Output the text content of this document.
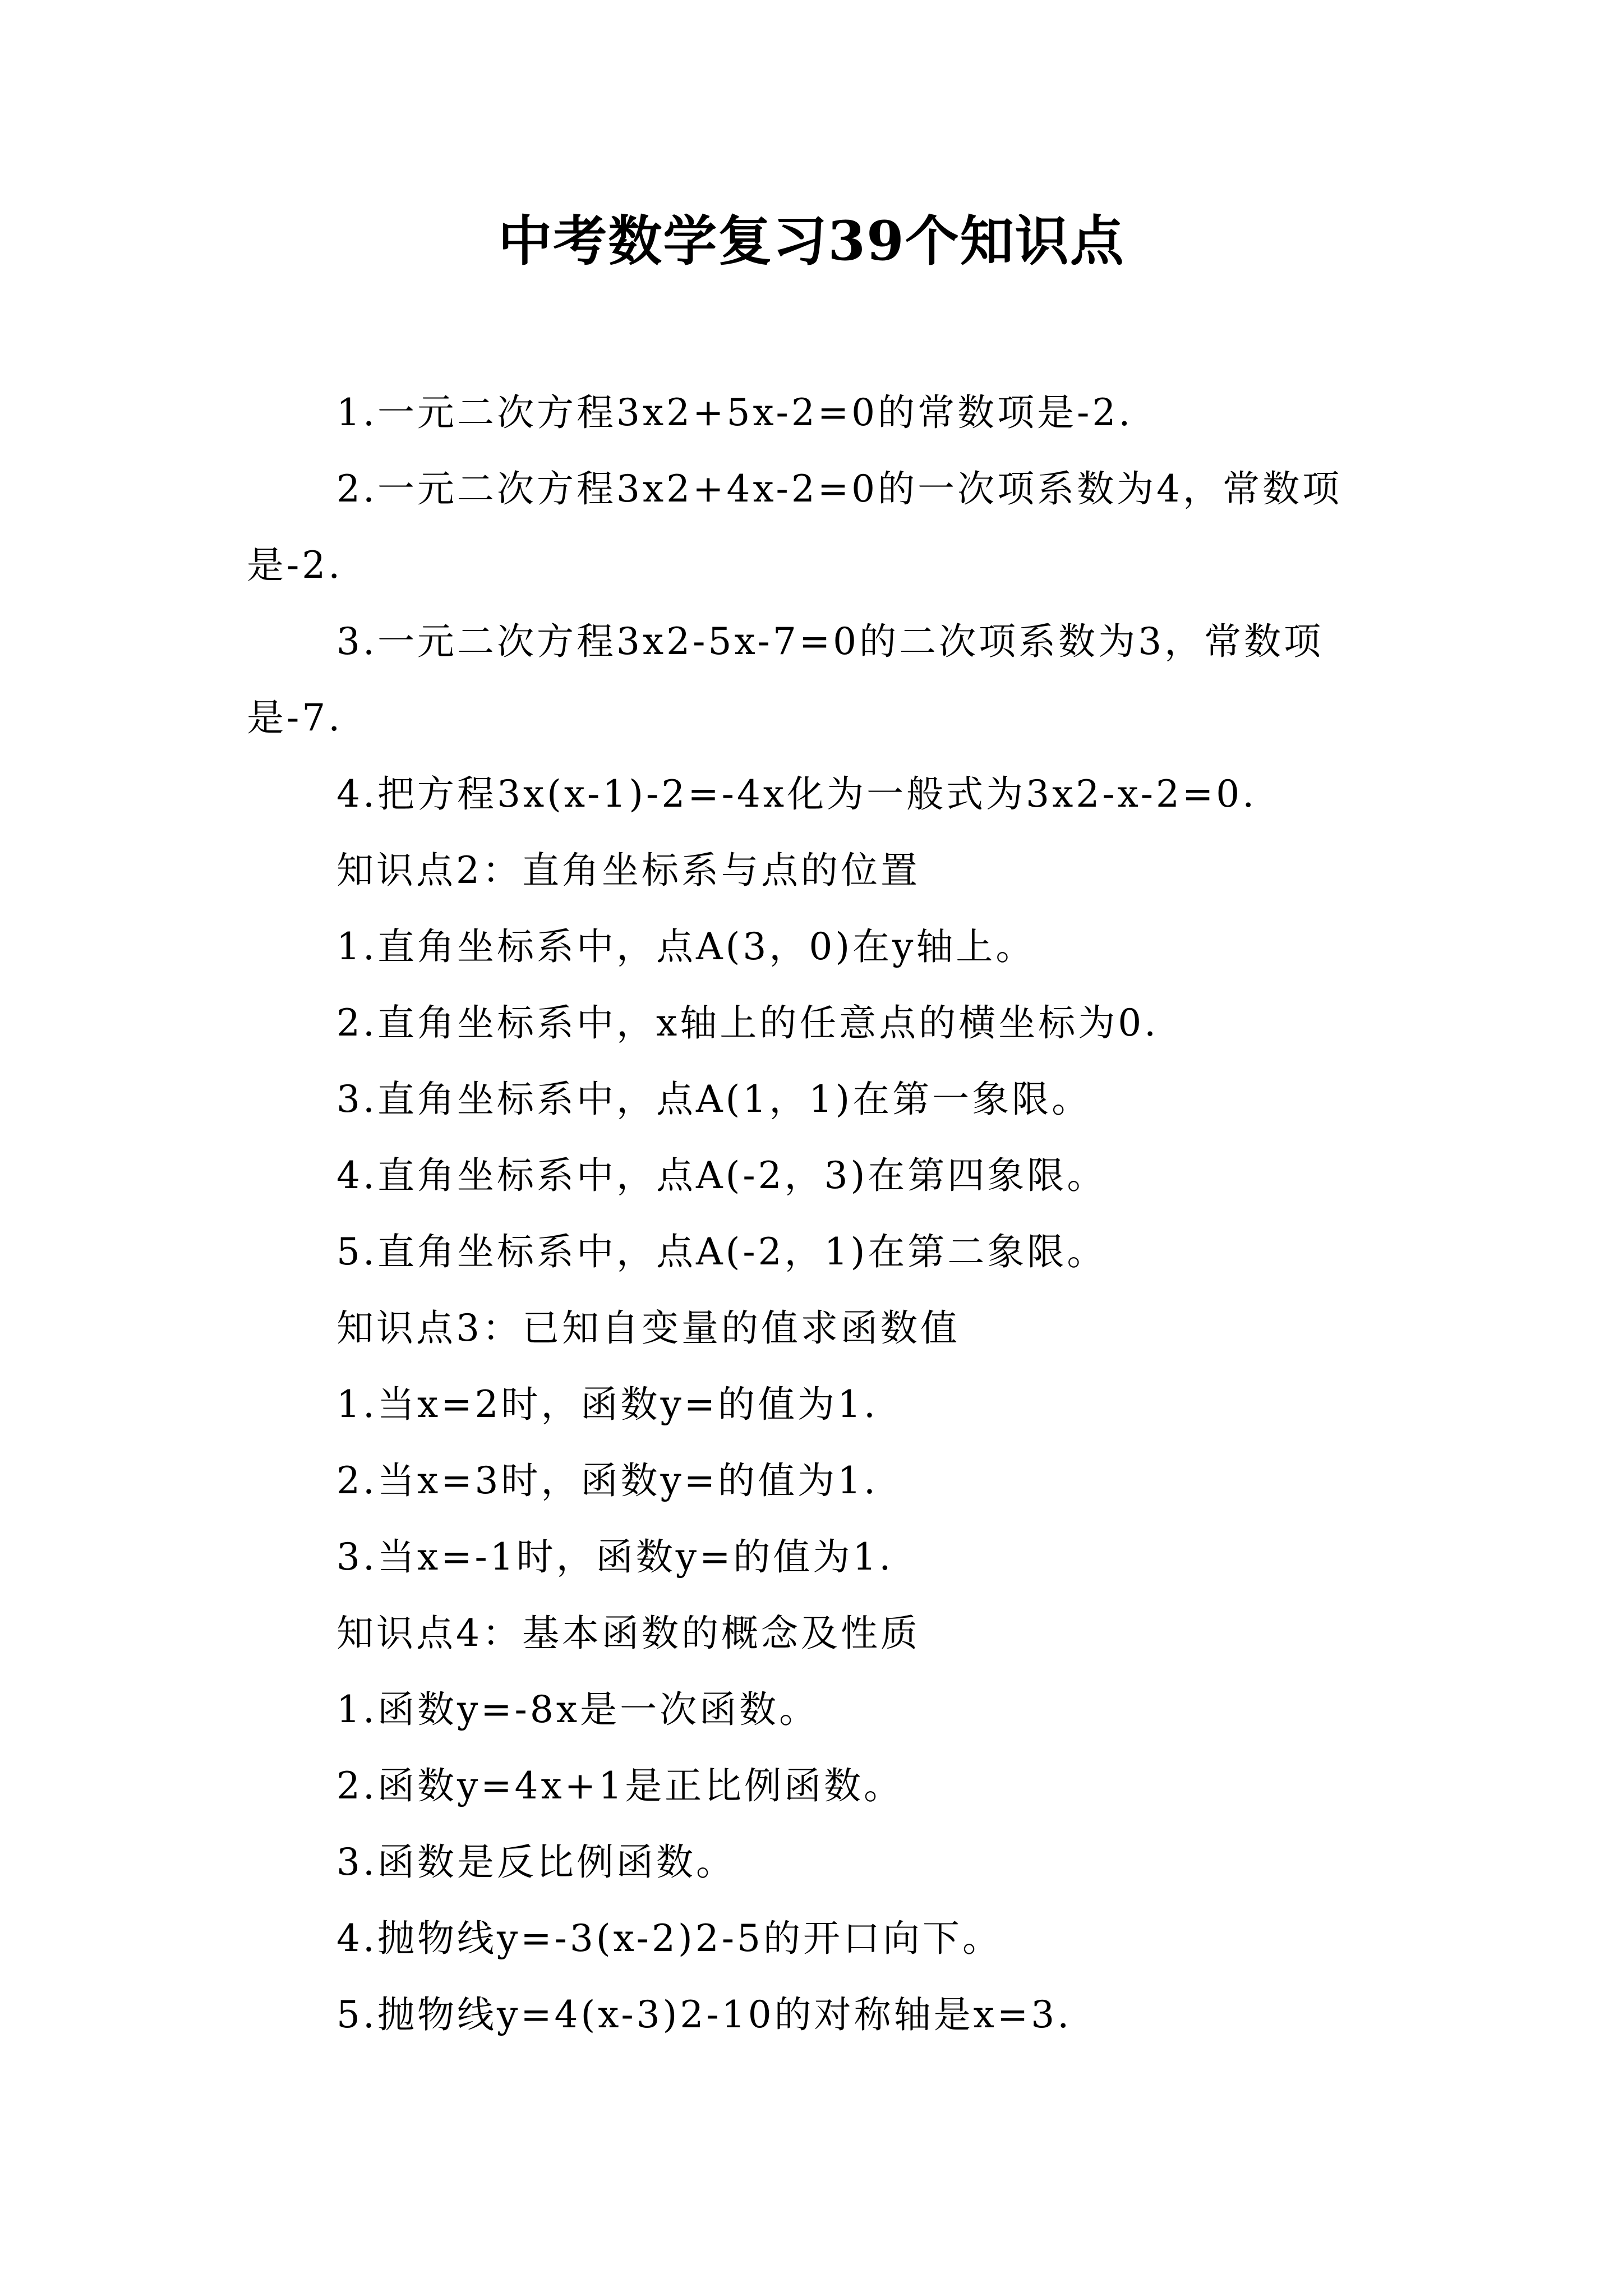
中考数学复习39个知识点

1.一元二次方程3x2+5x-2=0的常数项是-2.

2.一元二次方程3x2+4x-2=0的一次项系数为4，常数项是-2.

3.一元二次方程3x2-5x-7=0的二次项系数为3，常数项是-7.

4.把方程3x(x-1)-2=-4x化为一般式为3x2-x-2=0.

知识点2：直角坐标系与点的位置

1.直角坐标系中，点A(3，0)在y轴上。

2.直角坐标系中，x轴上的任意点的横坐标为0.

3.直角坐标系中，点A(1，1)在第一象限。

4.直角坐标系中，点A(-2，3)在第四象限。

5.直角坐标系中，点A(-2，1)在第二象限。

知识点3：已知自变量的值求函数值

1.当x=2时，函数y=的值为1.

2.当x=3时，函数y=的值为1.

3.当x=-1时，函数y=的值为1.

知识点4：基本函数的概念及性质

1.函数y=-8x是一次函数。

2.函数y=4x+1是正比例函数。

3.函数是反比例函数。

4.抛物线y=-3(x-2)2-5的开口向下。

5.抛物线y=4(x-3)2-10的对称轴是x=3.
